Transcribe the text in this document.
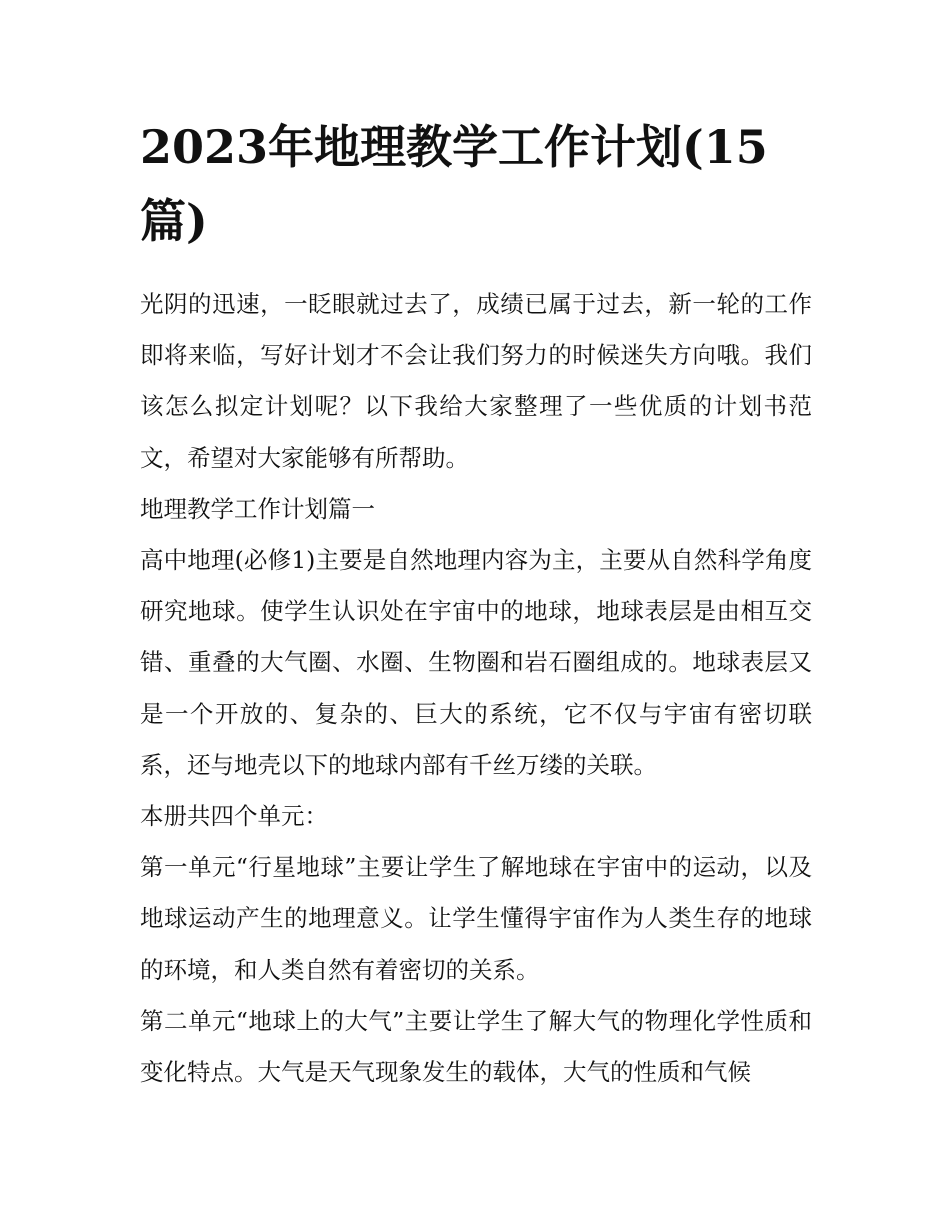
2023年地理教学工作计划(15篇)

光阴的迅速，一眨眼就过去了，成绩已属于过去，新一轮的工作即将来临，写好计划才不会让我们努力的时候迷失方向哦。我们该怎么拟定计划呢？以下我给大家整理了一些优质的计划书范文，希望对大家能够有所帮助。

地理教学工作计划篇一

高中地理(必修1)主要是自然地理内容为主，主要从自然科学角度研究地球。使学生认识处在宇宙中的地球，地球表层是由相互交错、重叠的大气圈、水圈、生物圈和岩石圈组成的。地球表层又是一个开放的、复杂的、巨大的系统，它不仅与宇宙有密切联系，还与地壳以下的地球内部有千丝万缕的关联。

本册共四个单元：

第一单元“行星地球”主要让学生了解地球在宇宙中的运动，以及地球运动产生的地理意义。让学生懂得宇宙作为人类生存的地球的环境，和人类自然有着密切的关系。

第二单元“地球上的大气”主要让学生了解大气的物理化学性质和变化特点。大气是天气现象发生的载体，大气的性质和气候
